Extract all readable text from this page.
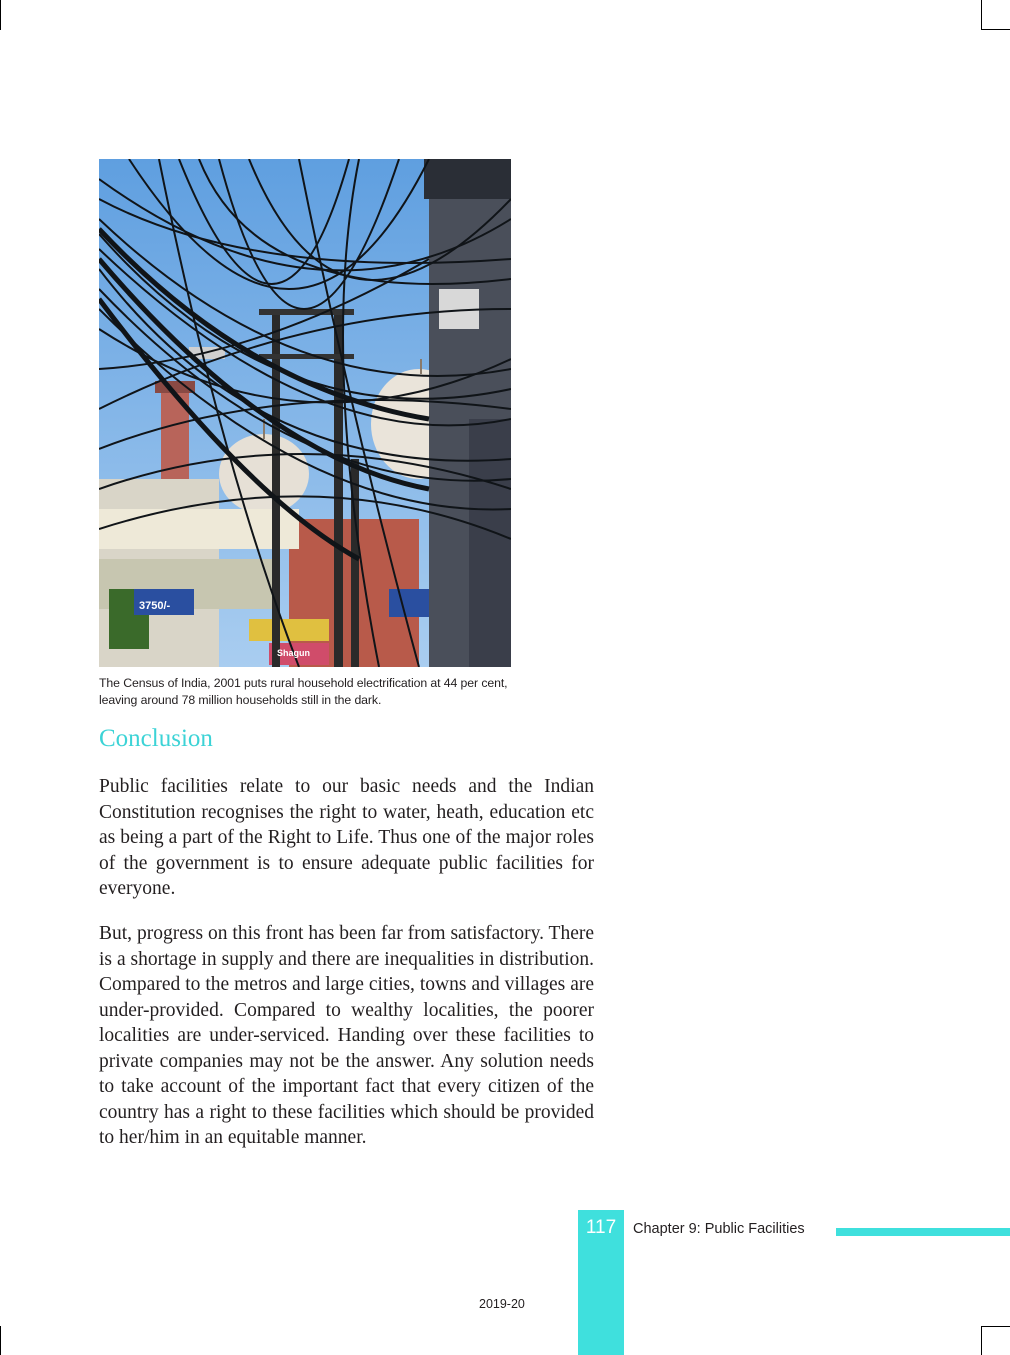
3750/-
Shagun
The Census of India, 2001 puts rural household electrification at 44 per cent,
leaving around 78 million households still in the dark.
Conclusion

Public facilities relate to our basic needs and the Indian Constitution recognises the right to water, heath, education etc as being a part of the Right to Life. Thus one of the major roles of the government is to ensure adequate public facilities for everyone.

But, progress on this front has been far from satisfactory. There is a shortage in supply and there are inequalities in distribution. Compared to the metros and large cities, towns and villages are under-provided. Compared to wealthy localities, the poorer localities are under-serviced. Handing over these facilities to private companies may not be the answer. Any solution needs to take account of the important fact that every citizen of the country has a right to these facilities which should be provided to her/him in an equitable manner.

117	Chapter 9: Public Facilities
2019-20
